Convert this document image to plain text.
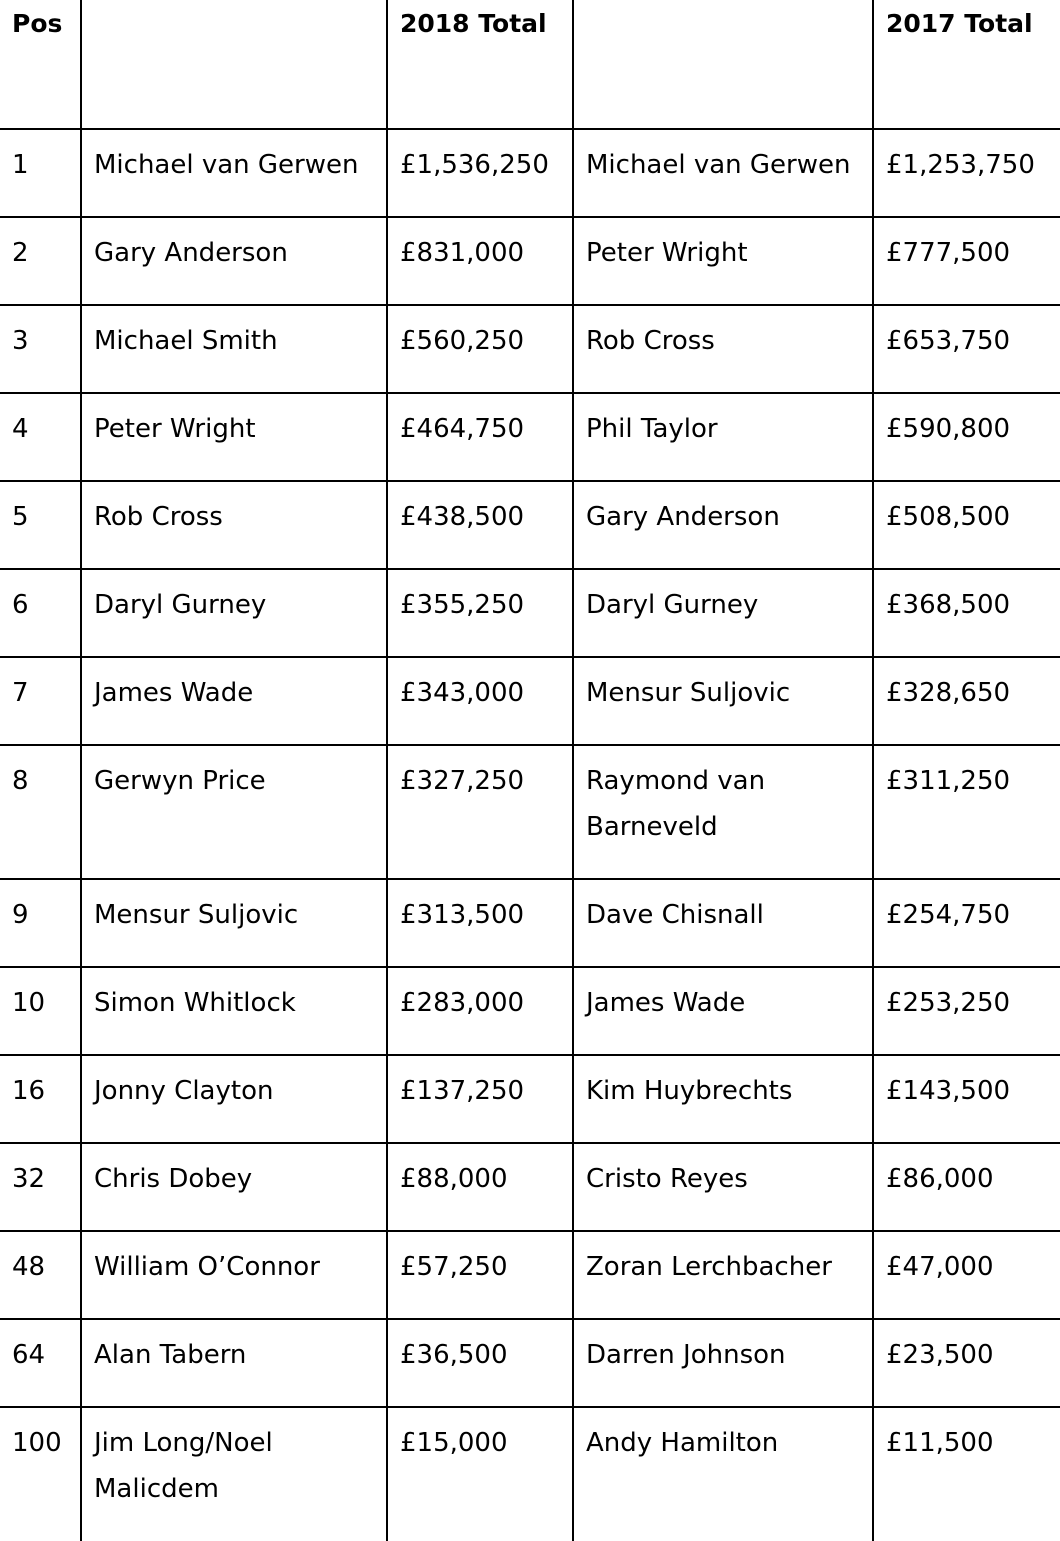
Pos		2018 Total		2017 Total
1	Michael van Gerwen	£1,536,250	Michael van Gerwen	£1,253,750
2	Gary Anderson	£831,000	Peter Wright	£777,500
3	Michael Smith	£560,250	Rob Cross	£653,750
4	Peter Wright	£464,750	Phil Taylor	£590,800
5	Rob Cross	£438,500	Gary Anderson	£508,500
6	Daryl Gurney	£355,250	Daryl Gurney	£368,500
7	James Wade	£343,000	Mensur Suljovic	£328,650
8	Gerwyn Price	£327,250	Raymond van Barneveld	£311,250
9	Mensur Suljovic	£313,500	Dave Chisnall	£254,750
10	Simon Whitlock	£283,000	James Wade	£253,250
16	Jonny Clayton	£137,250	Kim Huybrechts	£143,500
32	Chris Dobey	£88,000	Cristo Reyes	£86,000
48	William O’Connor	£57,250	Zoran Lerchbacher	£47,000
64	Alan Tabern	£36,500	Darren Johnson	£23,500
100	Jim Long/Noel Malicdem	£15,000	Andy Hamilton	£11,500
